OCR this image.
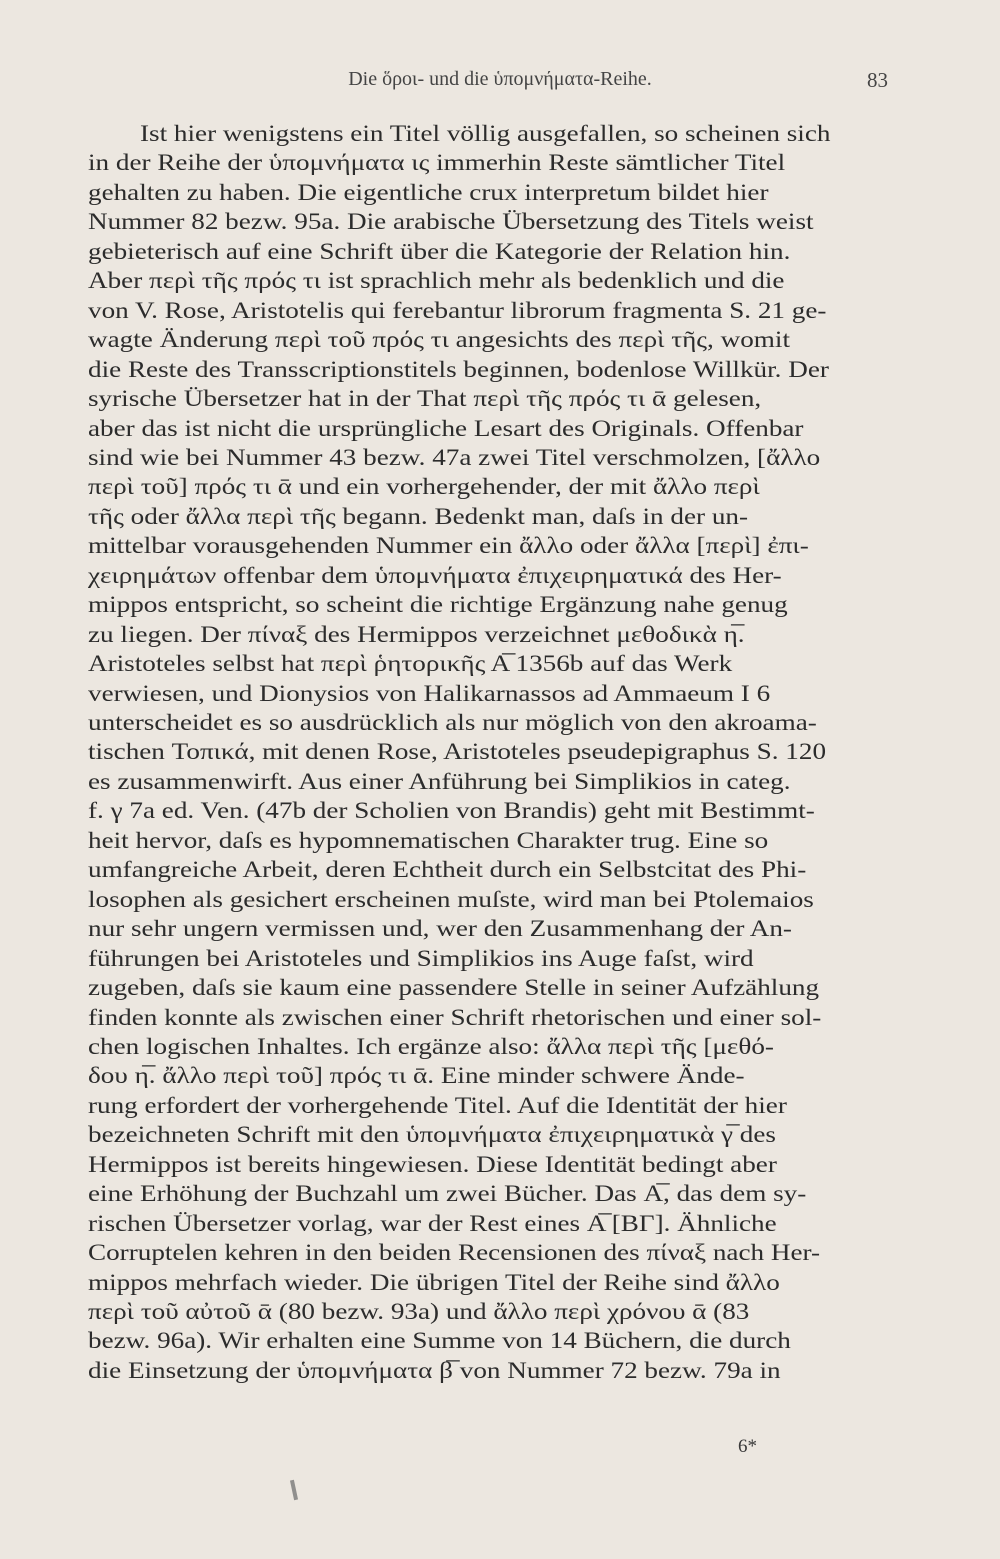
Die ὅροι- und die ὑπομνήματα-Reihe.	83
Ist hier wenigstens ein Titel völlig ausgefallen, so scheinen sich
in der Reihe der ὑπομνήματα ις immerhin Reste sämtlicher Titel
gehalten zu haben. Die eigentliche crux interpretum bildet hier
Nummer 82 bezw. 95a. Die arabische Übersetzung des Titels weist
gebieterisch auf eine Schrift über die Kategorie der Relation hin.
Aber περὶ τῆς πρός τι ist sprachlich mehr als bedenklich und die
von V. Rose, Aristotelis qui ferebantur librorum fragmenta S. 21 ge-
wagte Änderung περὶ τοῦ πρός τι angesichts des περὶ τῆς, womit
die Reste des Transscriptionstitels beginnen, bodenlose Willkür. Der
syrische Übersetzer hat in der That περὶ τῆς πρός τι ᾱ gelesen,
aber das ist nicht die ursprüngliche Lesart des Originals. Offenbar
sind wie bei Nummer 43 bezw. 47a zwei Titel verschmolzen, [ἄλλο
περὶ τοῦ] πρός τι ᾱ und ein vorhergehender, der mit ἄλλο περὶ
τῆς oder ἄλλα περὶ τῆς begann. Bedenkt man, daſs in der un-
mittelbar vorausgehenden Nummer ein ἄλλο oder ἄλλα [περὶ] ἐπι-
χειρημάτων offenbar dem ὑπομνήματα ἐπιχειρηματικά des Her-
mippos entspricht, so scheint die richtige Ergänzung nahe genug
zu liegen. Der πίναξ des Hermippos verzeichnet μεθοδικὰ η̅.
Aristoteles selbst hat περὶ ῥητορικῆς Α̅ 1356b auf das Werk
verwiesen, und Dionysios von Halikarnassos ad Ammaeum I 6
unterscheidet es so ausdrücklich als nur möglich von den akroama-
tischen Τοπικά, mit denen Rose, Aristoteles pseudepigraphus S. 120
es zusammenwirft. Aus einer Anführung bei Simplikios in categ.
f. γ 7a ed. Ven. (47b der Scholien von Brandis) geht mit Bestimmt-
heit hervor, daſs es hypomnematischen Charakter trug. Eine so
umfangreiche Arbeit, deren Echtheit durch ein Selbstcitat des Phi-
losophen als gesichert erscheinen muſste, wird man bei Ptolemaios
nur sehr ungern vermissen und, wer den Zusammenhang der An-
führungen bei Aristoteles und Simplikios ins Auge faſst, wird
zugeben, daſs sie kaum eine passendere Stelle in seiner Aufzählung
finden konnte als zwischen einer Schrift rhetorischen und einer sol-
chen logischen Inhaltes. Ich ergänze also: ἄλλα περὶ τῆς [μεθό-
δου η̅. ἄλλο περὶ τοῦ] πρός τι ᾱ. Eine minder schwere Ände-
rung erfordert der vorhergehende Titel. Auf die Identität der hier
bezeichneten Schrift mit den ὑπομνήματα ἐπιχειρηματικὰ γ̅ des
Hermippos ist bereits hingewiesen. Diese Identität bedingt aber
eine Erhöhung der Buchzahl um zwei Bücher. Das Α̅, das dem sy-
rischen Übersetzer vorlag, war der Rest eines Α̅ [ΒΓ]. Ähnliche
Corruptelen kehren in den beiden Recensionen des πίναξ nach Her-
mippos mehrfach wieder. Die übrigen Titel der Reihe sind ἄλλο
περὶ τοῦ αὐτοῦ ᾱ (80 bezw. 93a) und ἄλλο περὶ χρόνου ᾱ (83
bezw. 96a). Wir erhalten eine Summe von 14 Büchern, die durch
die Einsetzung der ὑπομνήματα β̅ von Nummer 72 bezw. 79a in
6*
